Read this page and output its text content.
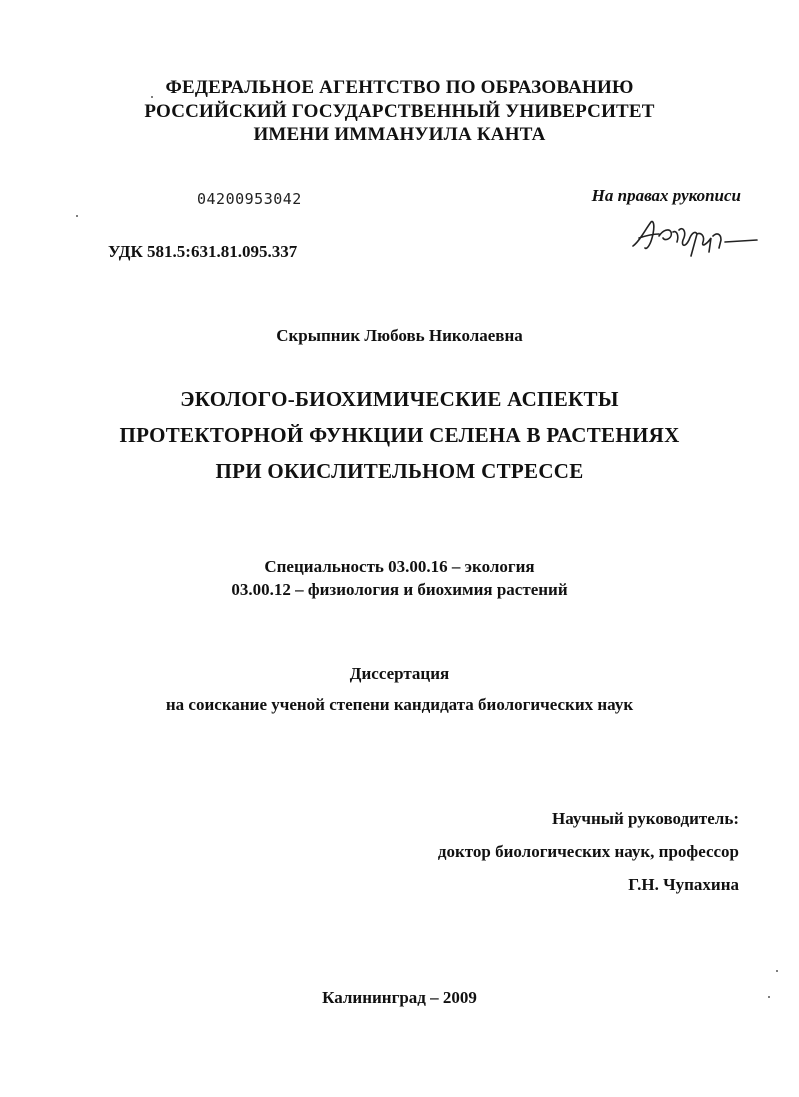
ФЕДЕРАЛЬНОЕ АГЕНТСТВО ПО ОБРАЗОВАНИЮ
РОССИЙСКИЙ ГОСУДАРСТВЕННЫЙ УНИВЕРСИТЕТ
ИМЕНИ ИММАНУИЛА КАНТА
04200953042	На правах рукописи
УДК 581.5:631.81.095.337
Скрыпник Любовь Николаевна
ЭКОЛОГО-БИОХИМИЧЕСКИЕ АСПЕКТЫ
ПРОТЕКТОРНОЙ ФУНКЦИИ СЕЛЕНА В РАСТЕНИЯХ
ПРИ ОКИСЛИТЕЛЬНОМ СТРЕССЕ
Специальность 03.00.16 – экология
03.00.12 – физиология и биохимия растений
Диссертация
на соискание ученой степени кандидата биологических наук
Научный руководитель:
доктор биологических наук, профессор
Г.Н. Чупахина
Калининград – 2009
